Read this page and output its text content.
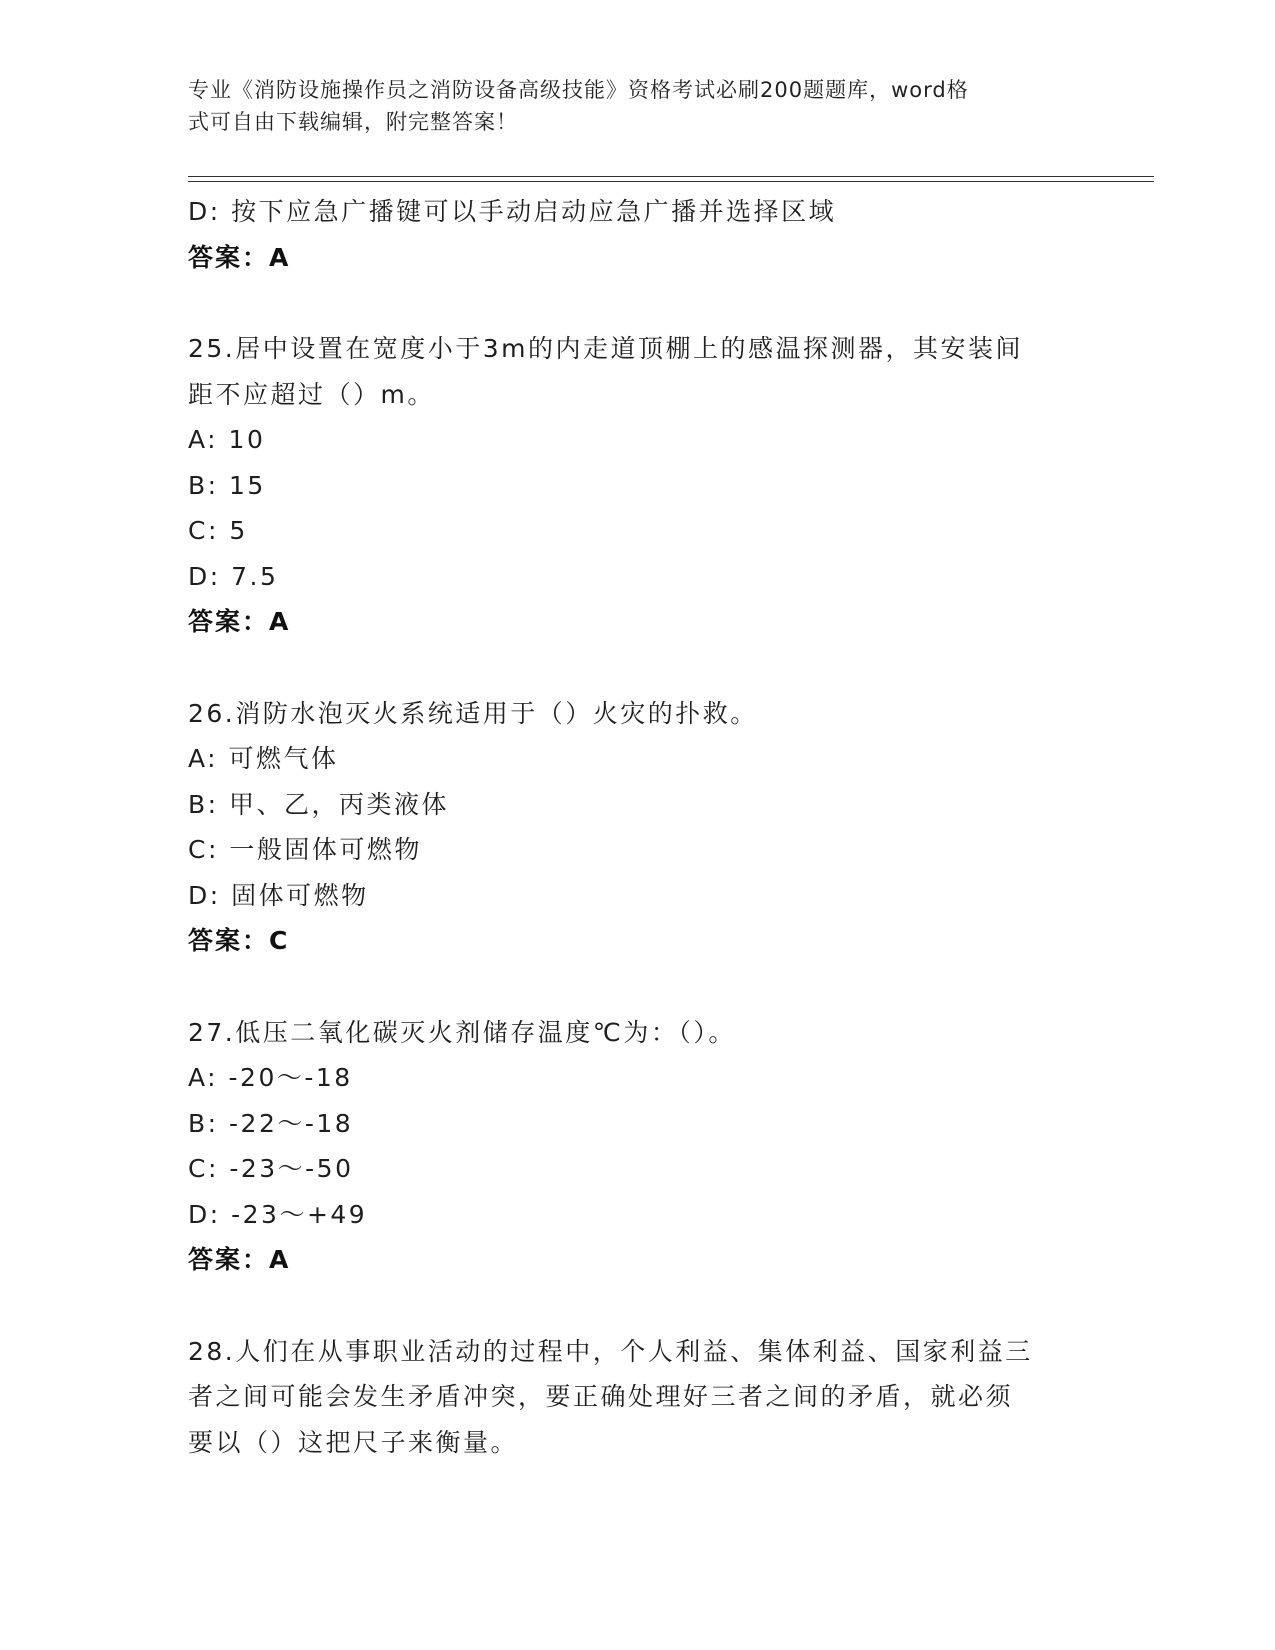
专业《消防设施操作员之消防设备高级技能》资格考试必刷200题题库，word格
式可自由下载编辑，附完整答案！
D: 按下应急广播键可以手动启动应急广播并选择区域
答案：A
25.居中设置在宽度小于3m的内走道顶棚上的感温探测器，其安装间
距不应超过（）m。
A: 10
B: 15
C: 5
D: 7.5
答案：A
26.消防水泡灭火系统适用于（）火灾的扑救。
A: 可燃气体
B: 甲、乙，丙类液体
C: 一般固体可燃物
D: 固体可燃物
答案：C
27.低压二氧化碳灭火剂储存温度℃为：（）。
A: -20～-18
B: -22～-18
C: -23～-50
D: -23～+49
答案：A
28.人们在从事职业活动的过程中，个人利益、集体利益、国家利益三
者之间可能会发生矛盾冲突，要正确处理好三者之间的矛盾，就必须
要以（）这把尺子来衡量。
